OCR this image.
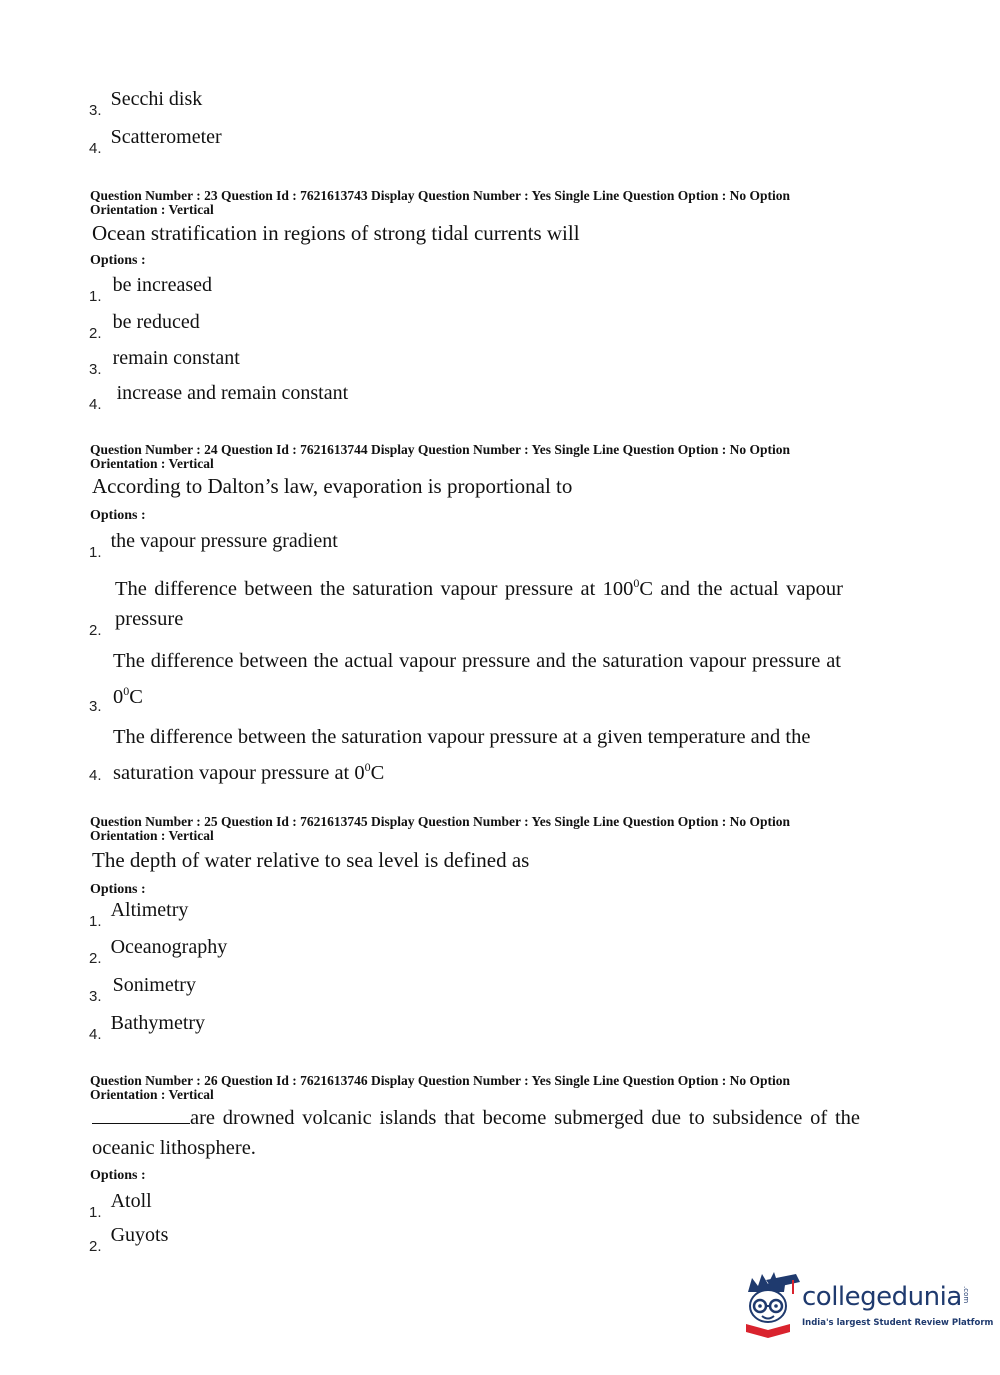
3. Secchi disk
4. Scatterometer
Question Number : 23 Question Id : 7621613743 Display Question Number : Yes Single Line Question Option : No Option
Orientation : Vertical
Ocean stratification in regions of strong tidal currents will
Options :
1. be increased
2. be reduced
3. remain constant
4. increase and remain constant
Question Number : 24 Question Id : 7621613744 Display Question Number : Yes Single Line Question Option : No Option
Orientation : Vertical
According to Dalton’s law, evaporation is proportional to
Options :
1. the vapour pressure gradient
2.
The difference between the saturation vapour pressure at $100^0C$ and the actual vapour pressure
3.
The difference between the actual vapour pressure and the saturation vapour pressure at $0^0C$
4.
The difference between the saturation vapour pressure at a given temperature and the saturation vapour pressure at $0^0C$
Question Number : 25 Question Id : 7621613745 Display Question Number : Yes Single Line Question Option : No Option
Orientation : Vertical
The depth of water relative to sea level is defined as
Options :
1. Altimetry
2. Oceanography
3. Sonimetry
4. Bathymetry
Question Number : 26 Question Id : 7621613746 Display Question Number : Yes Single Line Question Option : No Option
Orientation : Vertical
are drowned volcanic islands that become submerged due to subsidence of the oceanic lithosphere.
Options :
1. Atoll
2. Guyots
collegedunia.com
India's largest Student Review Platform
